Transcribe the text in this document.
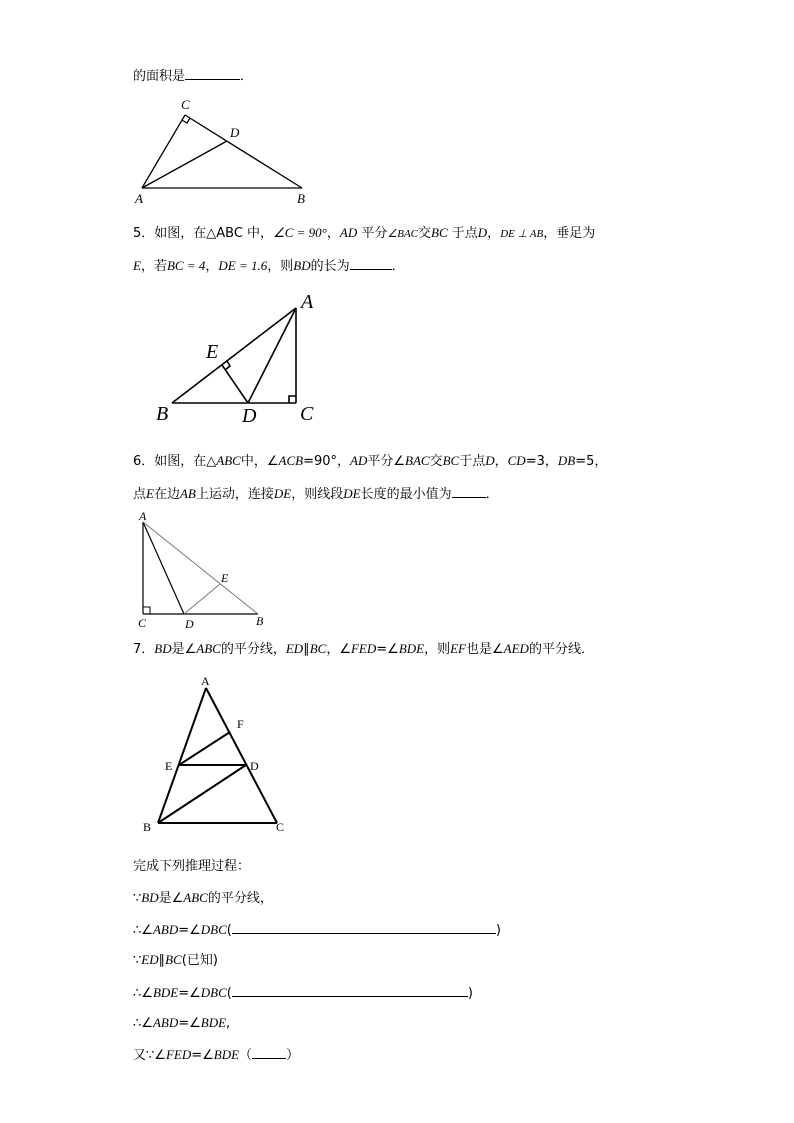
的面积是	．
C
D
A	B
5．如图，在△ABC 中，∠C = 90°，AD 平分∠BAC交BC 于点D，DE ⊥ AB，垂足为
E，若BC = 4，DE = 1.6，则BD的长为	．
A
E
B	D C
6．如图，在△ABC中，∠ACB=90°，AD平分∠BAC交BC于点D，CD=3，DB=5，
点E在边AB上运动，连接DE，则线段DE长度的最小值为	．
A
E
C	D	B
7．BD是∠ABC的平分线，ED∥BC，∠FED=∠BDE，则EF也是∠AED的平分线．
A
F
E	D
B	C
完成下列推理过程：
∵BD是∠ABC的平分线，
∴∠ABD=∠DBC(	)
∵ED∥BC(已知)
∴∠BDE=∠DBC(	)
∴∠ABD=∠BDE,
又∵∠FED=∠BDE（	）
